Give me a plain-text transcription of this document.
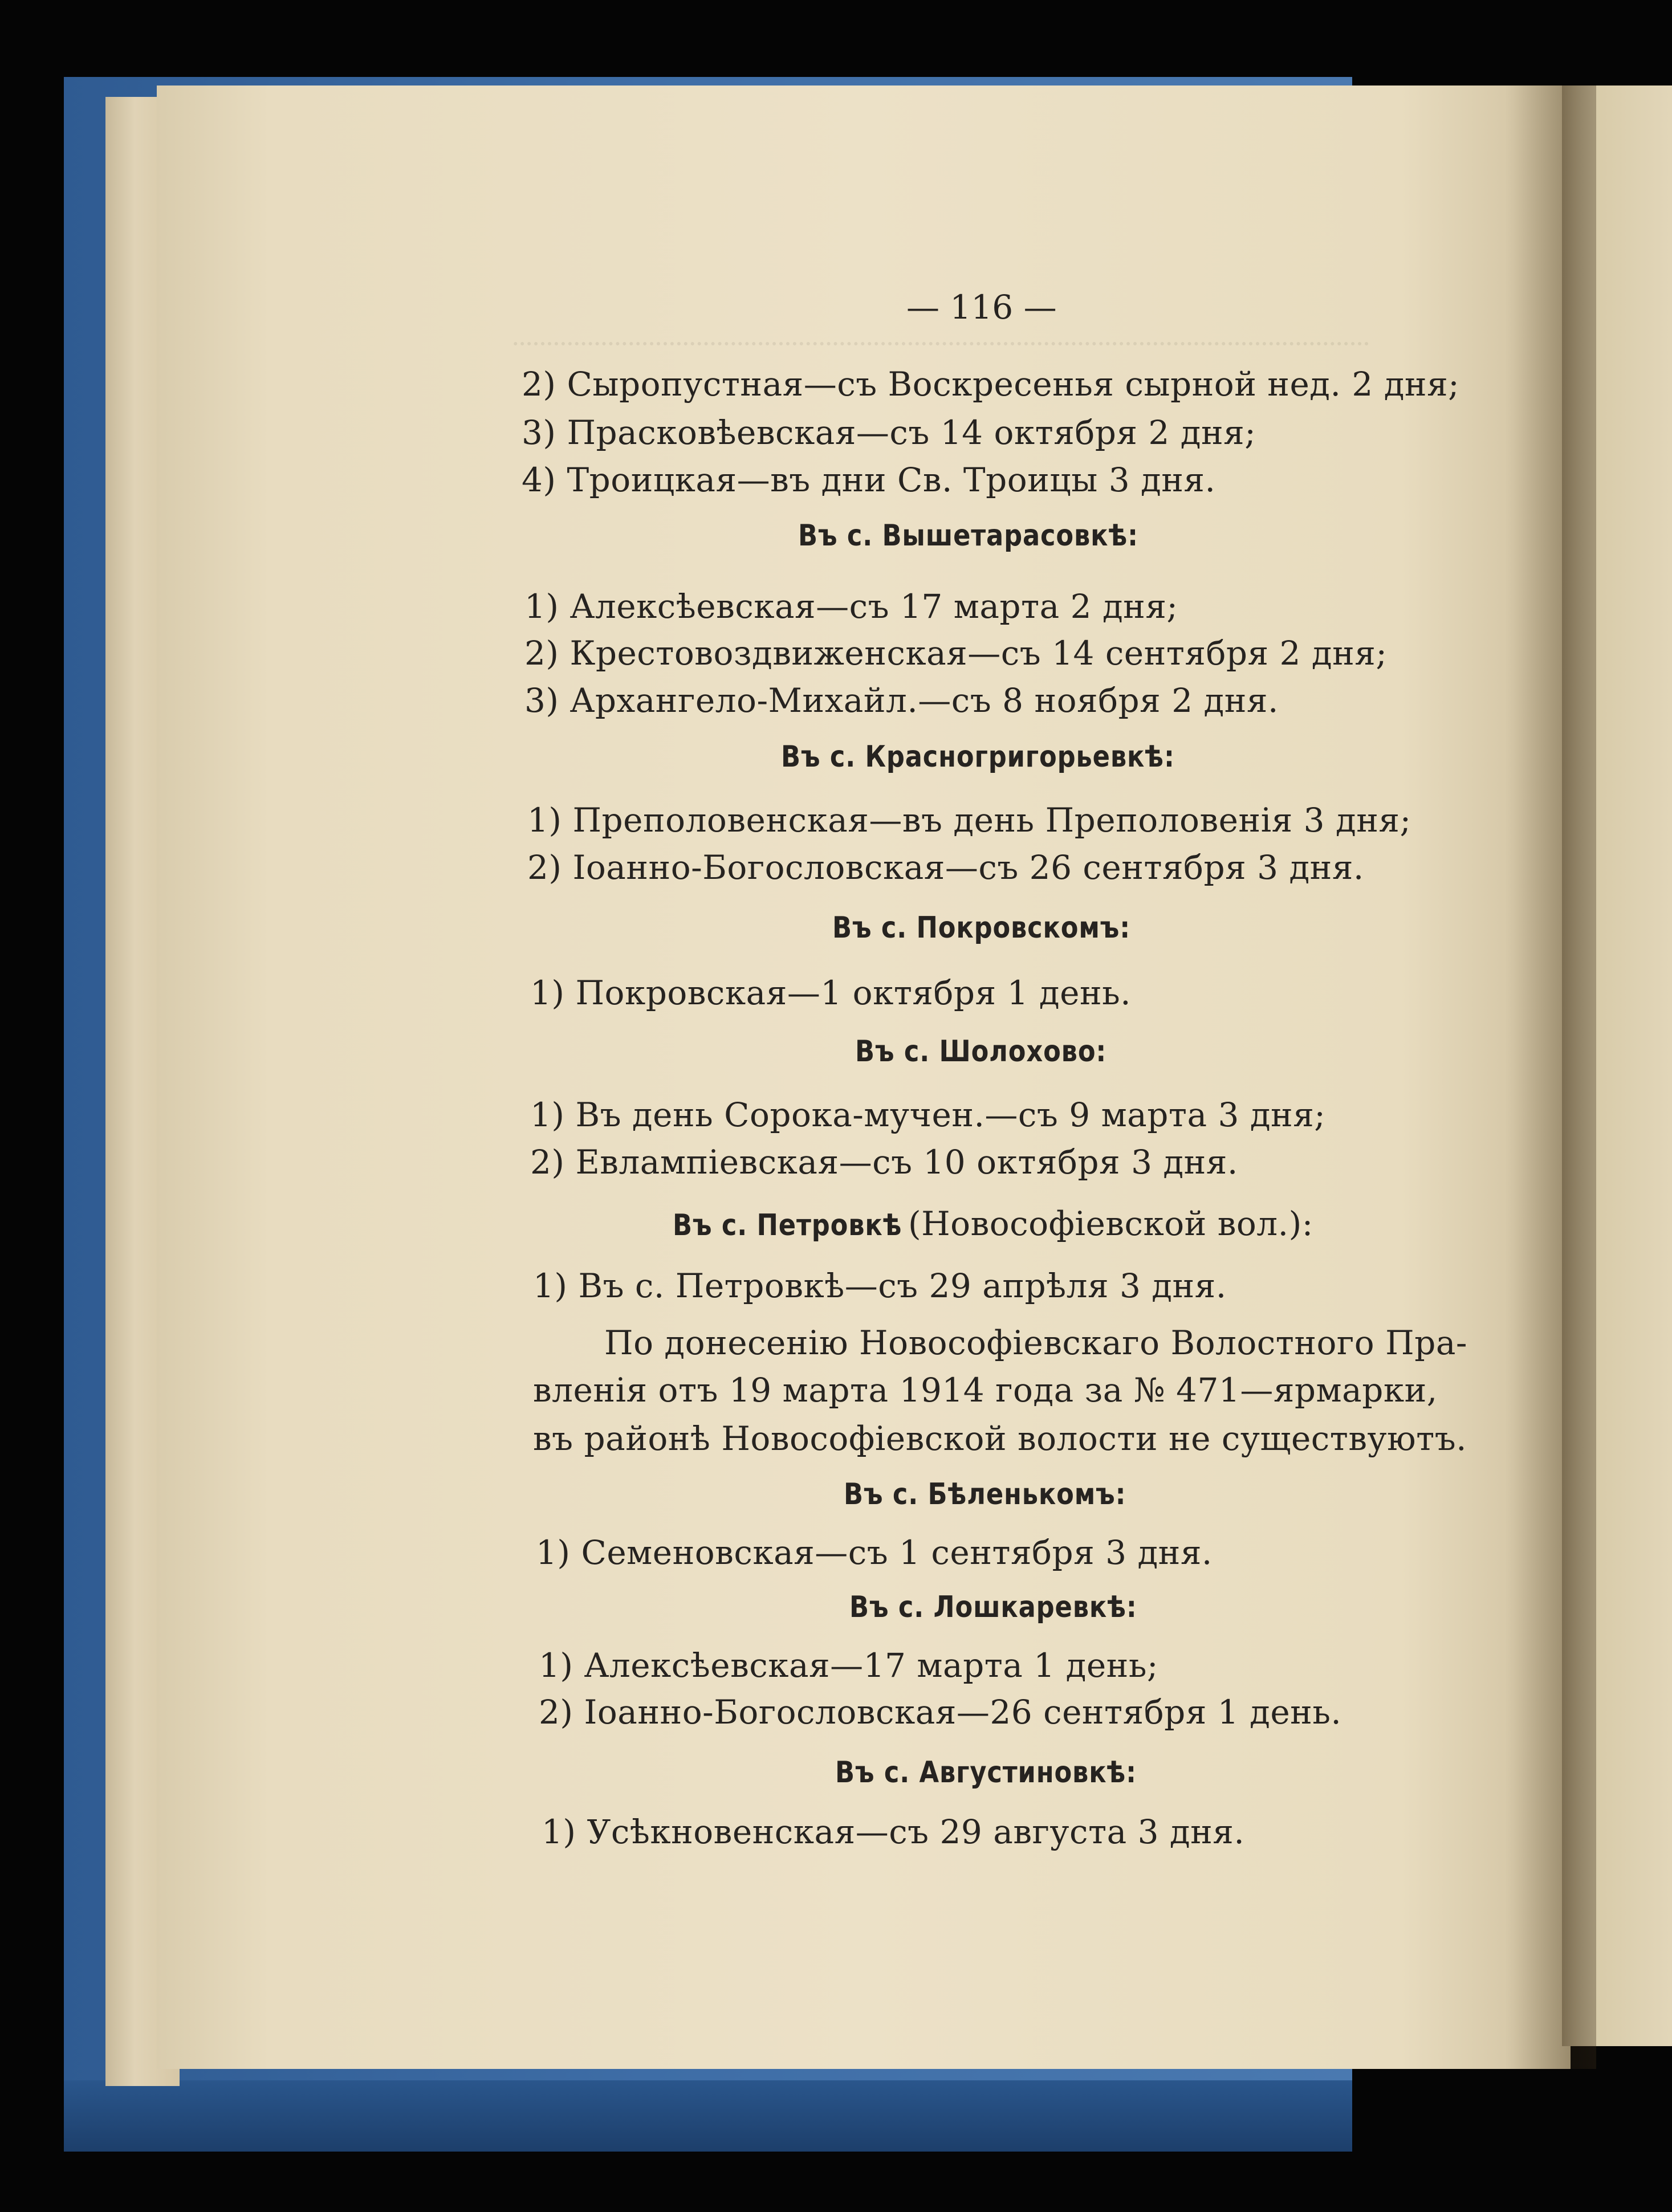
— 116 —
2) Сыропустная—съ Воскресенья сырной нед. 2 дня;
3) Прасковѣевская—съ 14 октября 2 дня;
4) Троицкая—въ дни Св. Троицы 3 дня.
Въ с. Вышетарасовкѣ:
1) Алексѣевская—съ 17 марта 2 дня;
2) Крестовоздвиженская—съ 14 сентября 2 дня;
3) Архангело-Михайл.—съ 8 ноября 2 дня.
Въ с. Красногригорьевкѣ:
1) Преполовенская—въ день Преполовенія 3 дня;
2) Іоанно-Богословская—съ 26 сентября 3 дня.
Въ с. Покровскомъ:
1) Покровская—1 октября 1 день.
Въ с. Шолохово:
1) Въ день Сорока-мучен.—съ 9 марта 3 дня;
2) Евлампіевская—съ 10 октября 3 дня.
Въ с. Петровкѣ (Новософіевской вол.):
1) Въ с. Петровкѣ—съ 29 апрѣля 3 дня.
По донесенію Новософіевскаго Волостного Пра-
вленія отъ 19 марта 1914 года за № 471—ярмарки,
въ районѣ Новософіевской волости не существуютъ.
Въ с. Бѣленькомъ:
1) Семеновская—съ 1 сентября 3 дня.
Въ с. Лошкаревкѣ:
1) Алексѣевская—17 марта 1 день;
2) Іоанно-Богословская—26 сентября 1 день.
Въ с. Августиновкѣ:
1) Усѣкновенская—съ 29 августа 3 дня.
